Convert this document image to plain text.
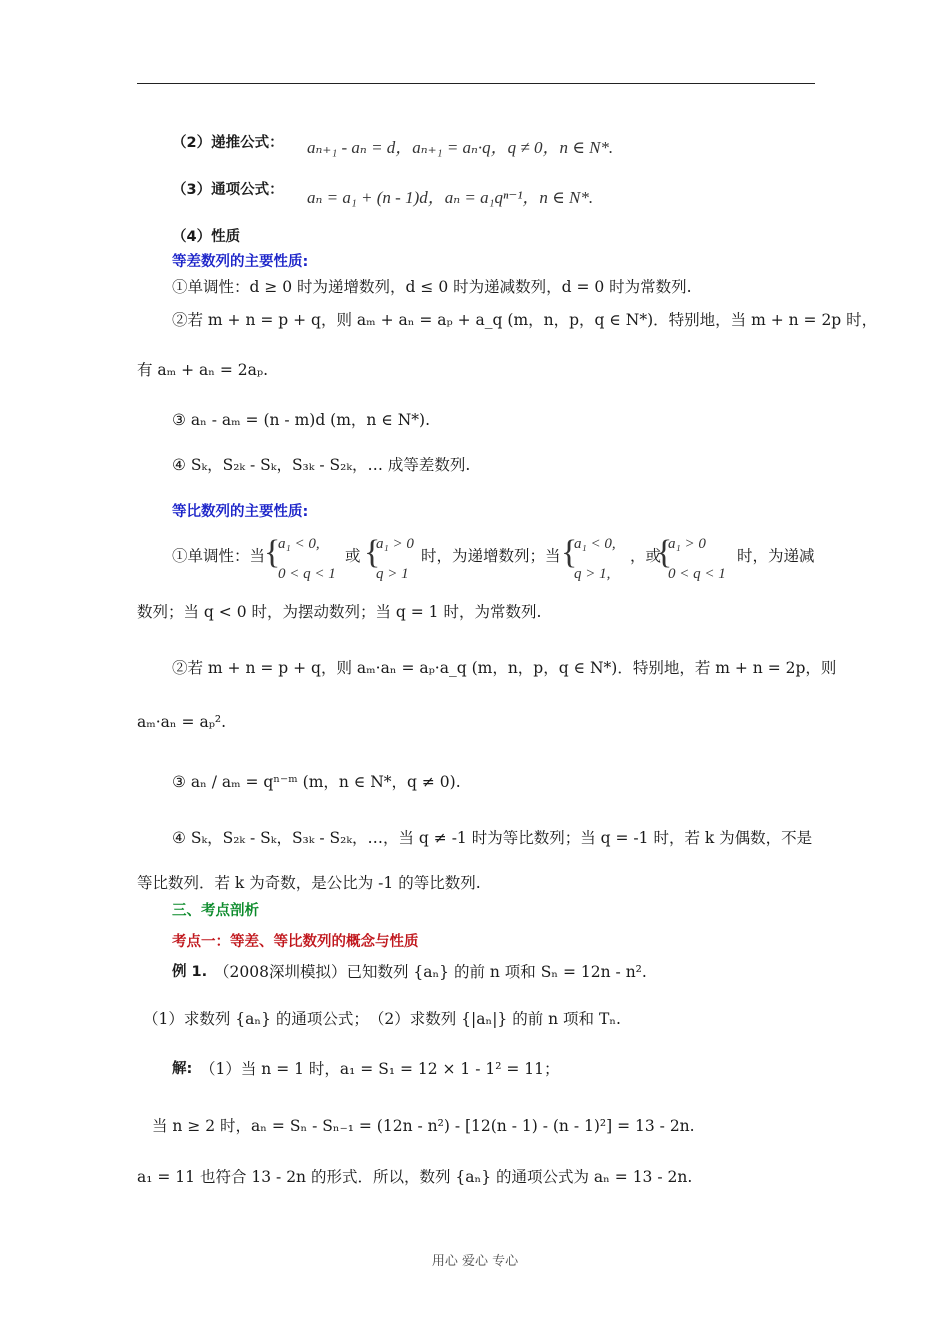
（2）递推公式： aₙ₊₁ - aₙ = d，aₙ₊₁ = aₙ·q，q ≠ 0，n ∈ N*.
（3）通项公式： aₙ = a₁ + (n - 1)d，aₙ = a₁qⁿ⁻¹，n ∈ N*.
（4）性质
等差数列的主要性质:
①单调性：d ≥ 0 时为递增数列，d ≤ 0 时为递减数列，d = 0 时为常数列.
②若 m + n = p + q，则 aₘ + aₙ = aₚ + a_q (m，n，p，q ∈ N*)．特别地，当 m + n = 2p 时，
有 aₘ + aₙ = 2aₚ.
③ aₙ - aₘ = (n - m)d (m，n ∈ N*).
④ Sₖ，S₂ₖ - Sₖ，S₃ₖ - S₂ₖ，… 成等差数列.
等比数列的主要性质:
①单调性：当
{
a₁ < 0,
0 < q < 1
或 {
a₁ > 0
q > 1
时，为递增数列；当 {
a₁ < 0,
q > 1,
，或
{
a₁ > 0
0 < q < 1
时，为递减
数列；当 q < 0 时，为摆动数列；当 q = 1 时，为常数列.
②若 m + n = p + q，则 aₘ·aₙ = aₚ·a_q (m，n，p，q ∈ N*)．特别地，若 m + n = 2p，则
aₘ·aₙ = aₚ².
③ aₙ / aₘ = qⁿ⁻ᵐ (m，n ∈ N*，q ≠ 0).
④ Sₖ，S₂ₖ - Sₖ，S₃ₖ - S₂ₖ，…，当 q ≠ -1 时为等比数列；当 q = -1 时，若 k 为偶数，不是
等比数列．若 k 为奇数，是公比为 -1 的等比数列.
三、考点剖析
考点一：等差、等比数列的概念与性质
例 1. （2008深圳模拟）已知数列 {aₙ} 的前 n 项和 Sₙ = 12n - n².
（1）求数列 {aₙ} 的通项公式；　（2）求数列 {|aₙ|} 的前 n 项和 Tₙ.
解: （1）当 n = 1 时，a₁ = S₁ = 12 × 1 - 1² = 11；
当 n ≥ 2 时，aₙ = Sₙ - Sₙ₋₁ = (12n - n²) - [12(n - 1) - (n - 1)²] = 13 - 2n.
a₁ = 11 也符合 13 - 2n 的形式．所以，数列 {aₙ} 的通项公式为 aₙ = 13 - 2n.
用心 爱心 专心
